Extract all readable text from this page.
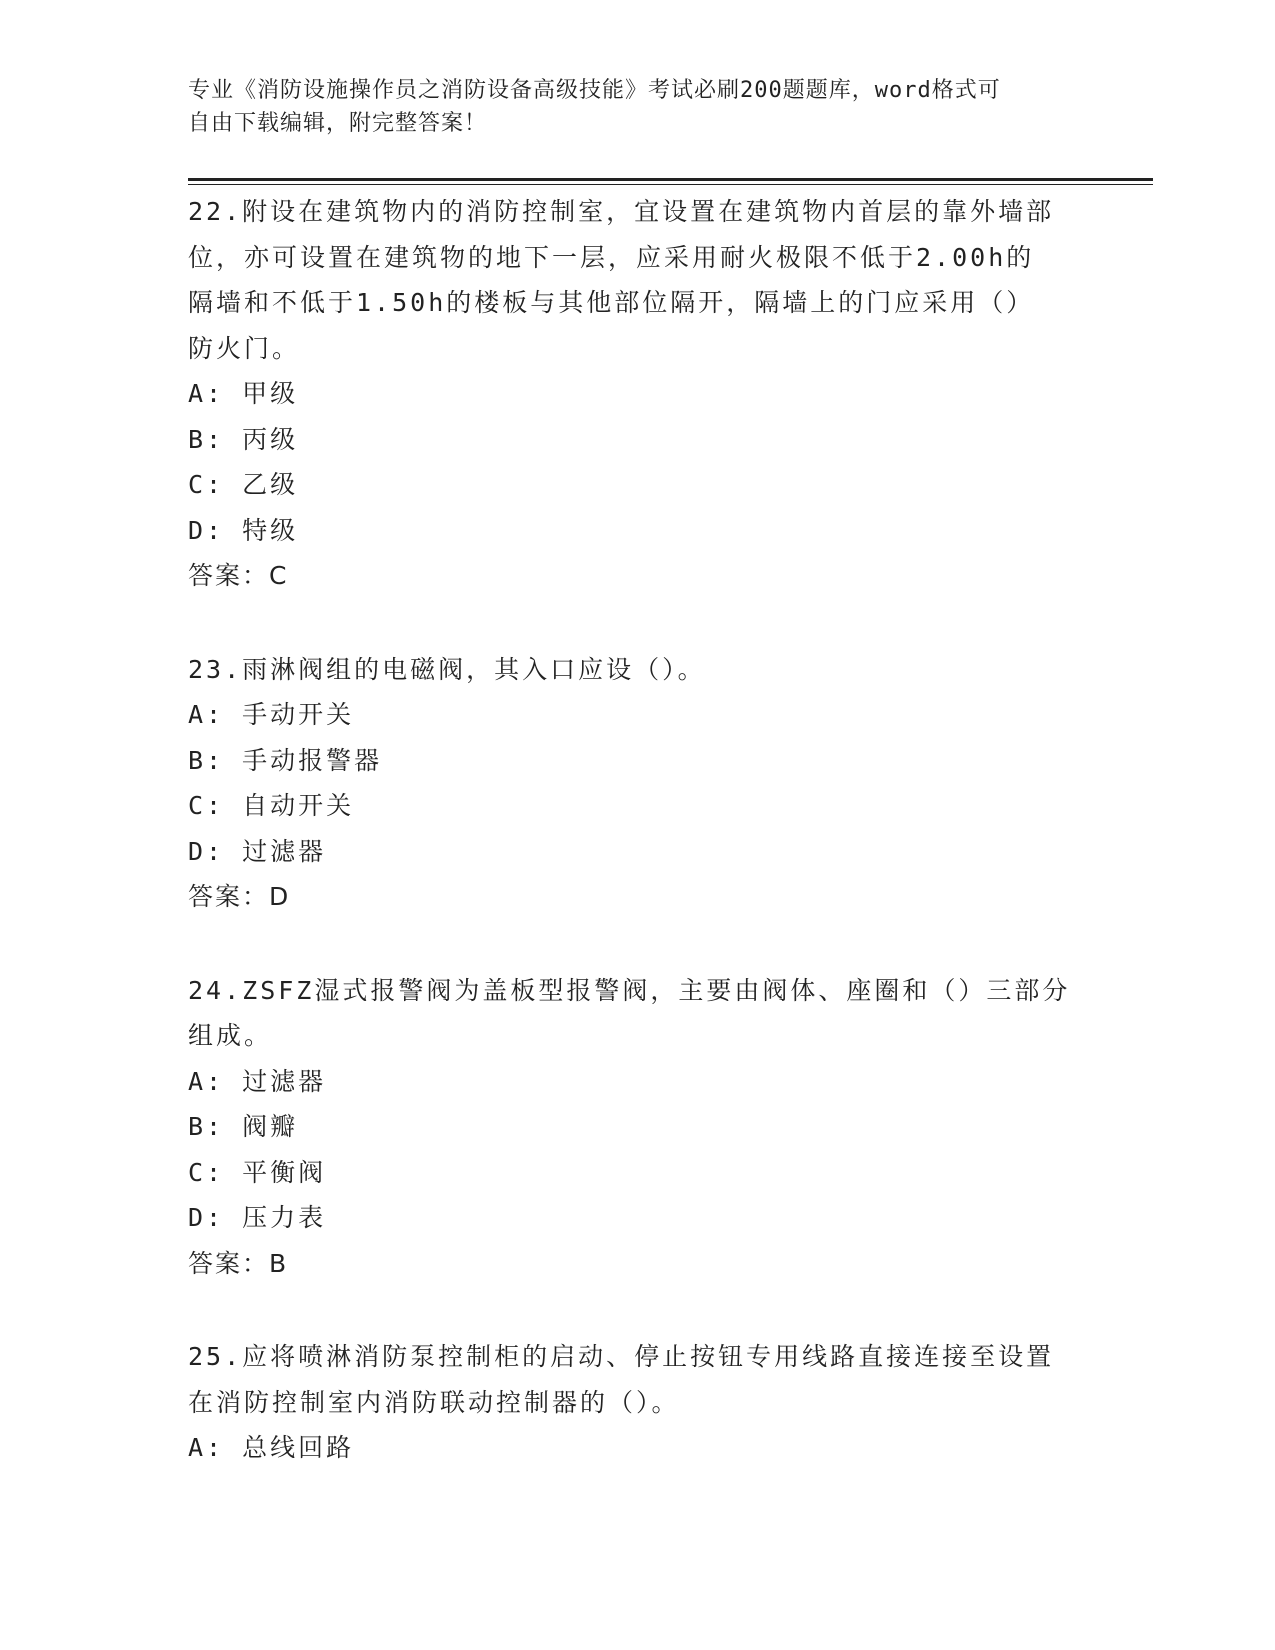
专业《消防设施操作员之消防设备高级技能》考试必刷200题题库，word格式可
自由下载编辑，附完整答案！

22.附设在建筑物内的消防控制室，宜设置在建筑物内首层的靠外墙部

位，亦可设置在建筑物的地下一层，应采用耐火极限不低于2.00h的

隔墙和不低于1.50h的楼板与其他部位隔开，隔墙上的门应采用（）

防火门。

A: 甲级

B: 丙级

C: 乙级

D: 特级

答案：C

23.雨淋阀组的电磁阀，其入口应设（）。

A: 手动开关

B: 手动报警器

C: 自动开关

D: 过滤器

答案：D

24.ZSFZ湿式报警阀为盖板型报警阀，主要由阀体、座圈和（）三部分

组成。

A: 过滤器

B: 阀瓣

C: 平衡阀

D: 压力表

答案：B

25.应将喷淋消防泵控制柜的启动、停止按钮专用线路直接连接至设置

在消防控制室内消防联动控制器的（）。

A: 总线回路
